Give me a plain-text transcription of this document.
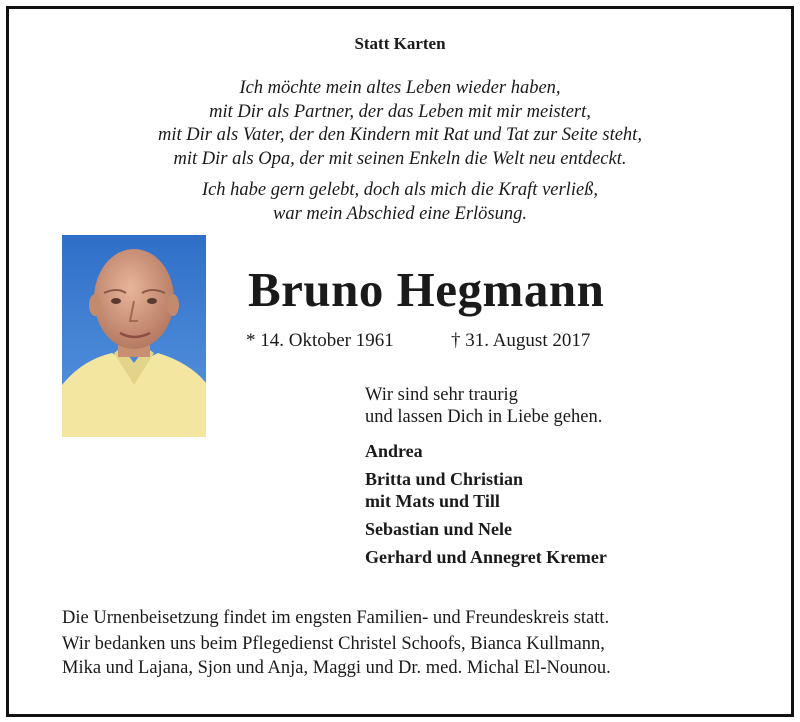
Statt Karten
Ich möchte mein altes Leben wieder haben,
mit Dir als Partner, der das Leben mit mir meistert,
mit Dir als Vater, der den Kindern mit Rat und Tat zur Seite steht,
mit Dir als Opa, der mit seinen Enkeln die Welt neu entdeckt.
Ich habe gern gelebt, doch als mich die Kraft verließ,
war mein Abschied eine Erlösung.
Bruno Hegmann
* 14. Oktober 1961	† 31. August 2017
Wir sind sehr traurig
und lassen Dich in Liebe gehen.
Andrea
Britta und Christian
mit Mats und Till
Sebastian und Nele
Gerhard und Annegret Kremer
Die Urnenbeisetzung findet im engsten Familien- und Freundeskreis statt.
Wir bedanken uns beim Pflegedienst Christel Schoofs, Bianca Kullmann,
Mika und Lajana, Sjon und Anja, Maggi und Dr. med. Michal El-Nounou.
